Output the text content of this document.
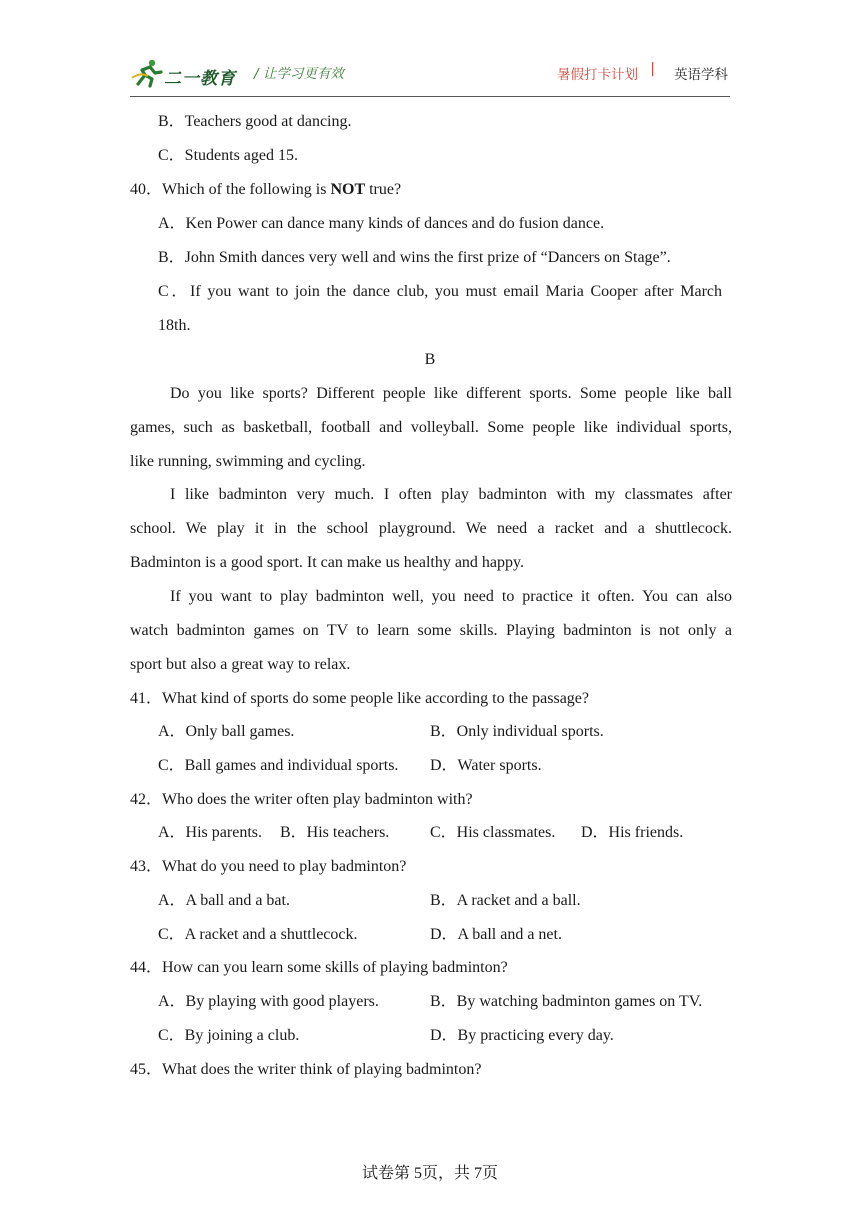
二一教育 / 让学习更有效	暑假打卡计划 | 英语学科
B．Teachers good at dancing.
C．Students aged 15.
40．Which of the following is NOT true?
A．Ken Power can dance many kinds of dances and do fusion dance.
B．John Smith dances very well and wins the first prize of “Dancers on Stage”.
C．If you want to join the dance club, you must email Maria Cooper after March
18th.
B
Do you like sports? Different people like different sports. Some people like ball
games, such as basketball, football and volleyball. Some people like individual sports,
like running, swimming and cycling.
I like badminton very much. I often play badminton with my classmates after
school. We play it in the school playground. We need a racket and a shuttlecock.
Badminton is a good sport. It can make us healthy and happy.
If you want to play badminton well, you need to practice it often. You can also
watch badminton games on TV to learn some skills. Playing badminton is not only a
sport but also a great way to relax.
41．What kind of sports do some people like according to the passage?
A．Only ball games.	B．Only individual sports.
C．Ball games and individual sports. D．Water sports.
42．Who does the writer often play badminton with?
A．His parents. B．His teachers.	C．His classmates. D．His friends.
43．What do you need to play badminton?
A．A ball and a bat.	B．A racket and a ball.
C．A racket and a shuttlecock.	D．A ball and a net.
44．How can you learn some skills of playing badminton?
A．By playing with good players.	B．By watching badminton games on TV.
C．By joining a club.	D．By practicing every day.
45．What does the writer think of playing badminton?
试卷第 5页，共 7页
